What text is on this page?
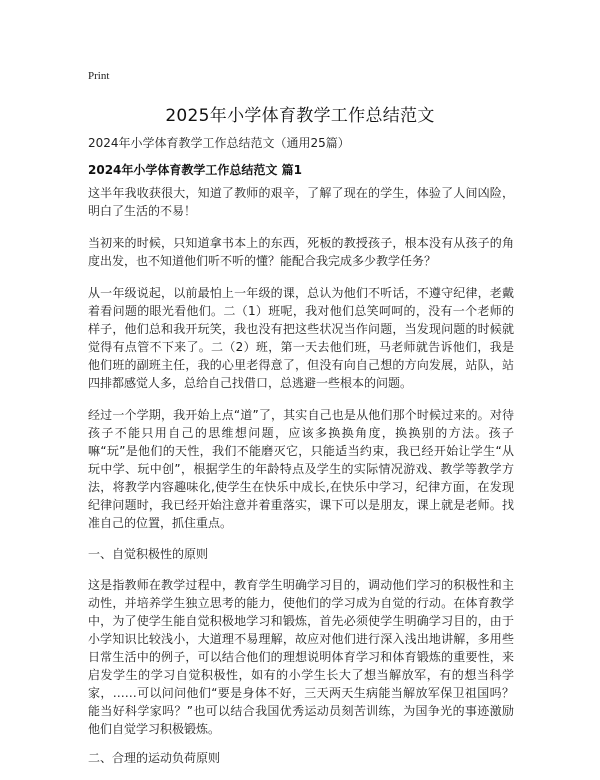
Print
2025年小学体育教学工作总结范文

2024年小学体育教学工作总结范文（通用25篇）

2024年小学体育教学工作总结范文 篇1

这半年我收获很大，知道了教师的艰辛，了解了现在的学生，体验了人间凶险，明白了生活的不易！

当初来的时候，只知道拿书本上的东西，死板的教授孩子，根本没有从孩子的角度出发，也不知道他们听不听的懂？能配合我完成多少教学任务？

从一年级说起，以前最怕上一年级的课，总认为他们不听话，不遵守纪律，老戴着看问题的眼光看他们。二（1）班呢，我对他们总笑呵呵的，没有一个老师的样子，他们总和我开玩笑，我也没有把这些状况当作问题，当发现问题的时候就觉得有点管不下来了。二（2）班，第一天去他们班，马老师就告诉他们，我是他们班的副班主任，我的心里老得意了，但没有向自己想的方向发展，站队，站四排都感觉人多，总给自己找借口，总逃避一些根本的问题。

经过一个学期，我开始上点“道”了，其实自己也是从他们那个时候过来的。对待孩子不能只用自己的思维想问题，应该多换换角度，换换别的方法。孩子嘛“玩”是他们的天性，我们不能磨灭它，只能适当约束，我已经开始让学生“从玩中学、玩中创”，根据学生的年龄特点及学生的实际情况游戏、教学等教学方法，将教学内容趣味化,使学生在快乐中成长,在快乐中学习，纪律方面，在发现纪律问题时，我已经开始注意并着重落实，课下可以是朋友，课上就是老师。找准自己的位置，抓住重点。

一、自觉积极性的原则

这是指教师在教学过程中，教育学生明确学习目的，调动他们学习的积极性和主动性，并培养学生独立思考的能力，使他们的学习成为自觉的行动。在体育教学中，为了使学生能自觉积极地学习和锻炼，首先必须使学生明确学习目的，由于小学知识比较浅小，大道理不易理解，故应对他们进行深入浅出地讲解，多用些日常生活中的例子，可以结合他们的理想说明体育学习和体育锻炼的重要性，来启发学生的学习自觉积极性，如有的小学生长大了想当解放军，有的想当科学家，……可以问问他们“要是身体不好，三天两天生病能当解放军保卫祖国吗？能当好科学家吗？”也可以结合我国优秀运动员刻苦训练，为国争光的事迹激励他们自觉学习积极锻炼。

二、合理的运动负荷原则
